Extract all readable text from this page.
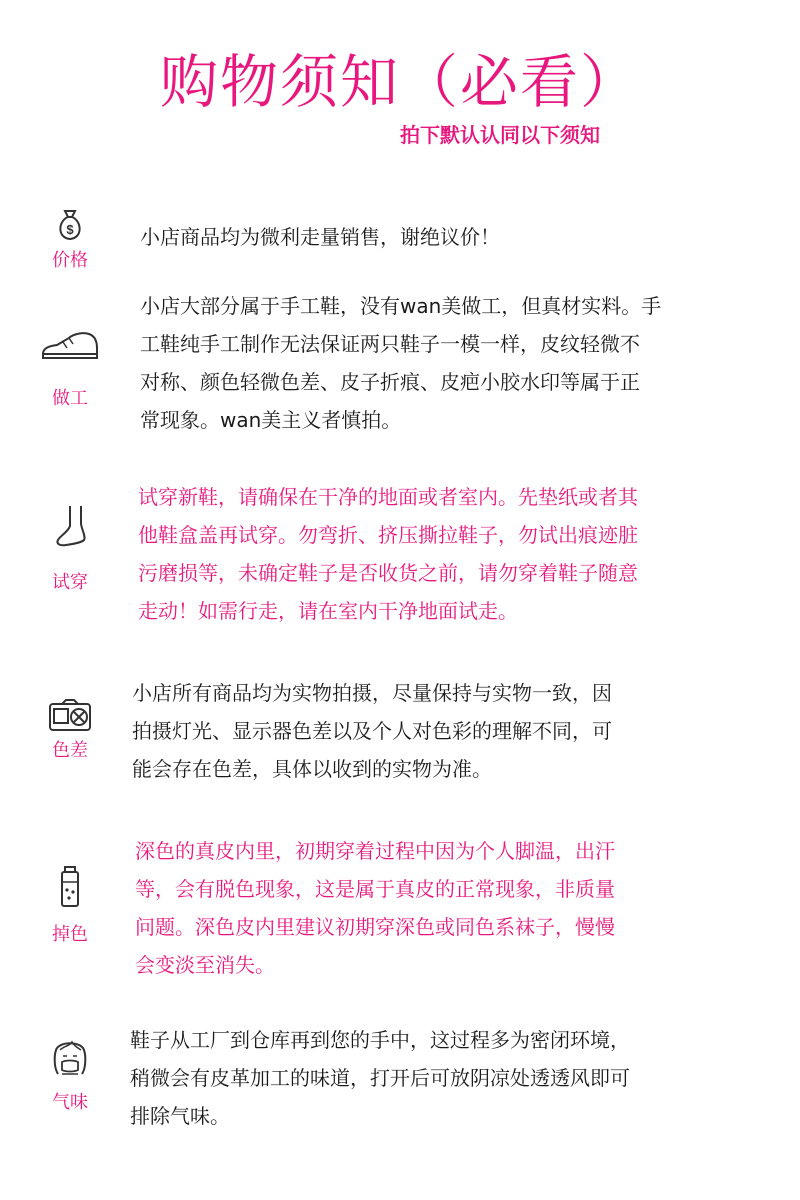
购物须知（必看）
拍下默认认同以下须知
$
价格
小店商品均为微利走量销售，谢绝议价！
做工
小店大部分属于手工鞋，没有wan美做工，但真材实料。手
工鞋纯手工制作无法保证两只鞋子一模一样，皮纹轻微不
对称、颜色轻微色差、皮子折痕、皮疤小胶水印等属于正
常现象。wan美主义者慎拍。
试穿
试穿新鞋，请确保在干净的地面或者室内。先垫纸或者其
他鞋盒盖再试穿。勿弯折、挤压撕拉鞋子，勿试出痕迹脏
污磨损等，未确定鞋子是否收货之前，请勿穿着鞋子随意
走动！如需行走，请在室内干净地面试走。
色差
小店所有商品均为实物拍摄，尽量保持与实物一致，因
拍摄灯光、显示器色差以及个人对色彩的理解不同，可
能会存在色差，具体以收到的实物为准。
掉色
深色的真皮内里，初期穿着过程中因为个人脚温，出汗
等，会有脱色现象，这是属于真皮的正常现象，非质量
问题。深色皮内里建议初期穿深色或同色系袜子，慢慢
会变淡至消失。
气味
鞋子从工厂到仓库再到您的手中，这过程多为密闭环境，
稍微会有皮革加工的味道，打开后可放阴凉处透透风即可
排除气味。
